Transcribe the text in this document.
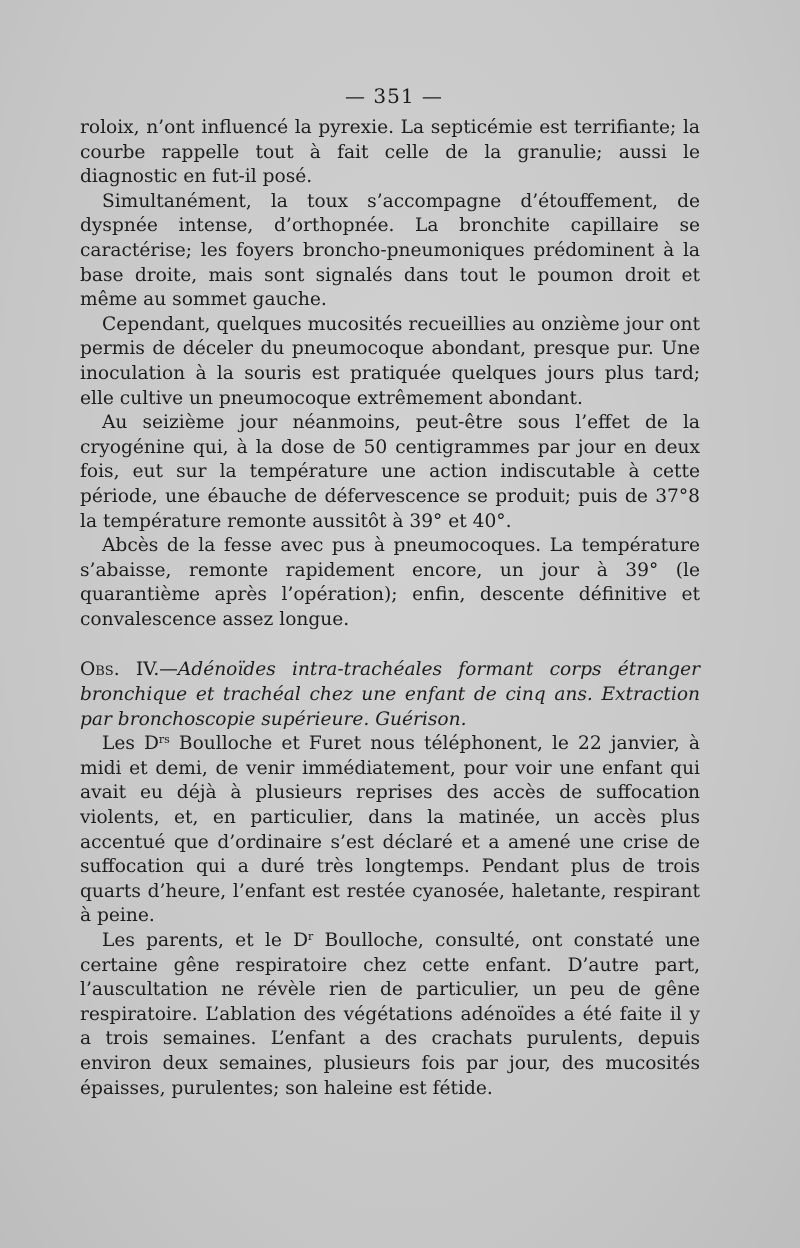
— 351 —

roloix, n’ont influencé la pyrexie. La septicémie est terrifiante; la courbe rappelle tout à fait celle de la granulie; aussi le diagnostic en fut-il posé.

Simultanément, la toux s’accompagne d’étouffement, de dyspnée intense, d’orthopnée. La bronchite capillaire se caractérise; les foyers broncho-pneumoniques prédominent à la base droite, mais sont signalés dans tout le poumon droit et même au sommet gauche.

Cependant, quelques mucosités recueillies au onzième jour ont permis de déceler du pneumocoque abondant, presque pur. Une inoculation à la souris est pratiquée quelques jours plus tard; elle cultive un pneumocoque extrêmement abondant.

Au seizième jour néanmoins, peut-être sous l’effet de la cryogénine qui, à la dose de 50 centigrammes par jour en deux fois, eut sur la température une action indiscutable à cette période, une ébauche de défervescence se produit; puis de 37°8 la température remonte aussitôt à 39° et 40°.

Abcès de la fesse avec pus à pneumocoques. La température s’abaisse, remonte rapidement encore, un jour à 39° (le quarantième après l’opération); enfin, descente définitive et convalescence assez longue.

Obs. IV.—Adénoïdes intra-trachéales formant corps étranger bronchique et trachéal chez une enfant de cinq ans. Extraction par bronchoscopie supérieure. Guérison.

Les $D^{rs}$ Boulloche et Furet nous téléphonent, le 22 janvier, à midi et demi, de venir immédiatement, pour voir une enfant qui avait eu déjà à plusieurs reprises des accès de suffocation violents, et, en particulier, dans la matinée, un accès plus accentué que d’ordinaire s’est déclaré et a amené une crise de suffocation qui a duré très longtemps. Pendant plus de trois quarts d’heure, l’enfant est restée cyanosée, haletante, respirant à peine.

Les parents, et le $D^r$ Boulloche, consulté, ont constaté une certaine gêne respiratoire chez cette enfant. D’autre part, l’auscultation ne révèle rien de particulier, un peu de gêne respiratoire. L’ablation des végétations adénoïdes a été faite il y a trois semaines. L’enfant a des crachats purulents, depuis environ deux semaines, plusieurs fois par jour, des mucosités épaisses, purulentes; son haleine est fétide.
